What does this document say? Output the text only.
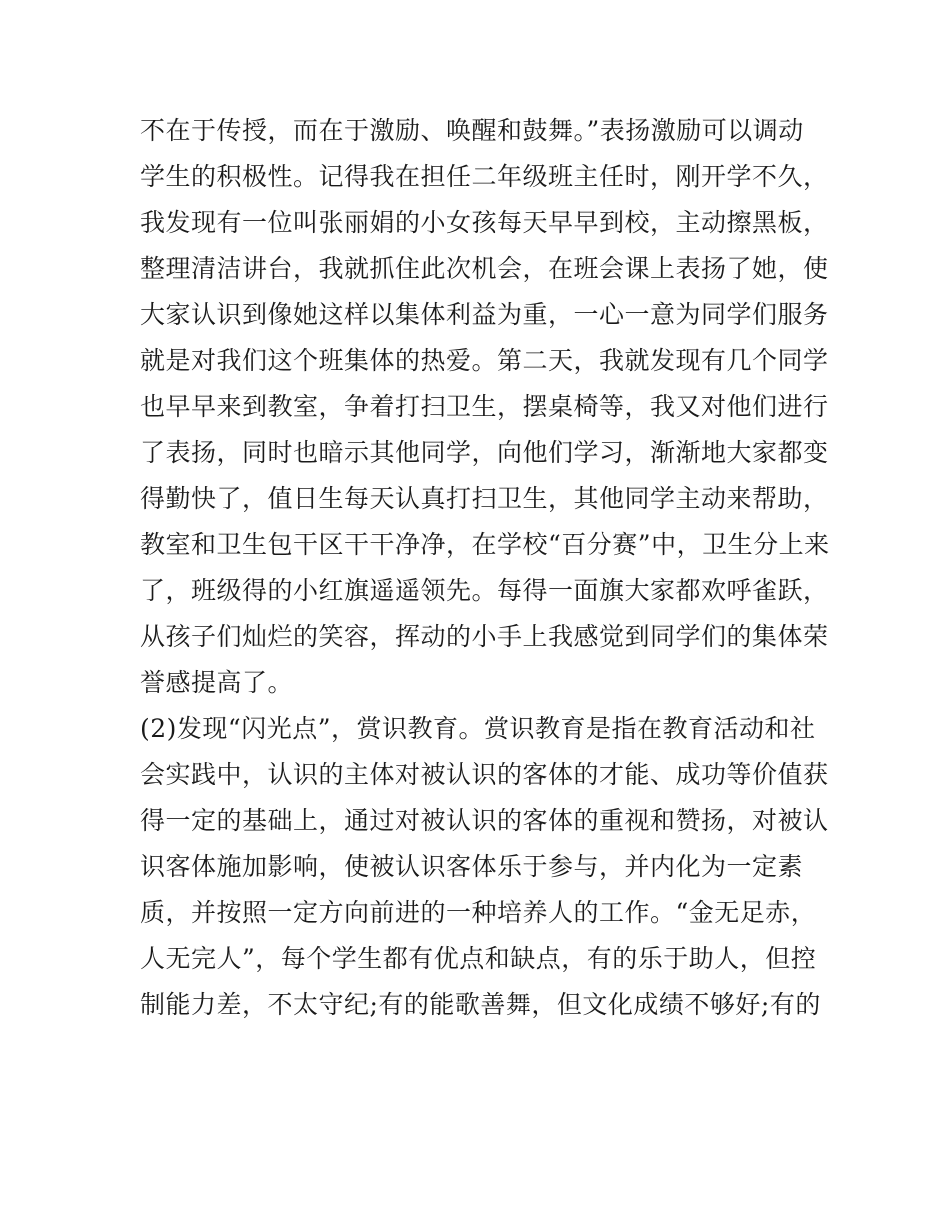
不在于传授，而在于激励、唤醒和鼓舞。”表扬激励可以调动
学生的积极性。记得我在担任二年级班主任时，刚开学不久，
我发现有一位叫张丽娟的小女孩每天早早到校，主动擦黑板，
整理清洁讲台，我就抓住此次机会，在班会课上表扬了她，使
大家认识到像她这样以集体利益为重，一心一意为同学们服务
就是对我们这个班集体的热爱。第二天，我就发现有几个同学
也早早来到教室，争着打扫卫生，摆桌椅等，我又对他们进行
了表扬，同时也暗示其他同学，向他们学习，渐渐地大家都变
得勤快了，值日生每天认真打扫卫生，其他同学主动来帮助，
教室和卫生包干区干干净净，在学校“百分赛”中，卫生分上来
了，班级得的小红旗遥遥领先。每得一面旗大家都欢呼雀跃，
从孩子们灿烂的笑容，挥动的小手上我感觉到同学们的集体荣
誉感提高了。
(2)发现“闪光点”，赏识教育。赏识教育是指在教育活动和社
会实践中，认识的主体对被认识的客体的才能、成功等价值获
得一定的基础上，通过对被认识的客体的重视和赞扬，对被认
识客体施加影响，使被认识客体乐于参与，并内化为一定素
质，并按照一定方向前进的一种培养人的工作。“金无足赤，
人无完人”，每个学生都有优点和缺点，有的乐于助人，但控
制能力差，不太守纪;有的能歌善舞，但文化成绩不够好;有的
